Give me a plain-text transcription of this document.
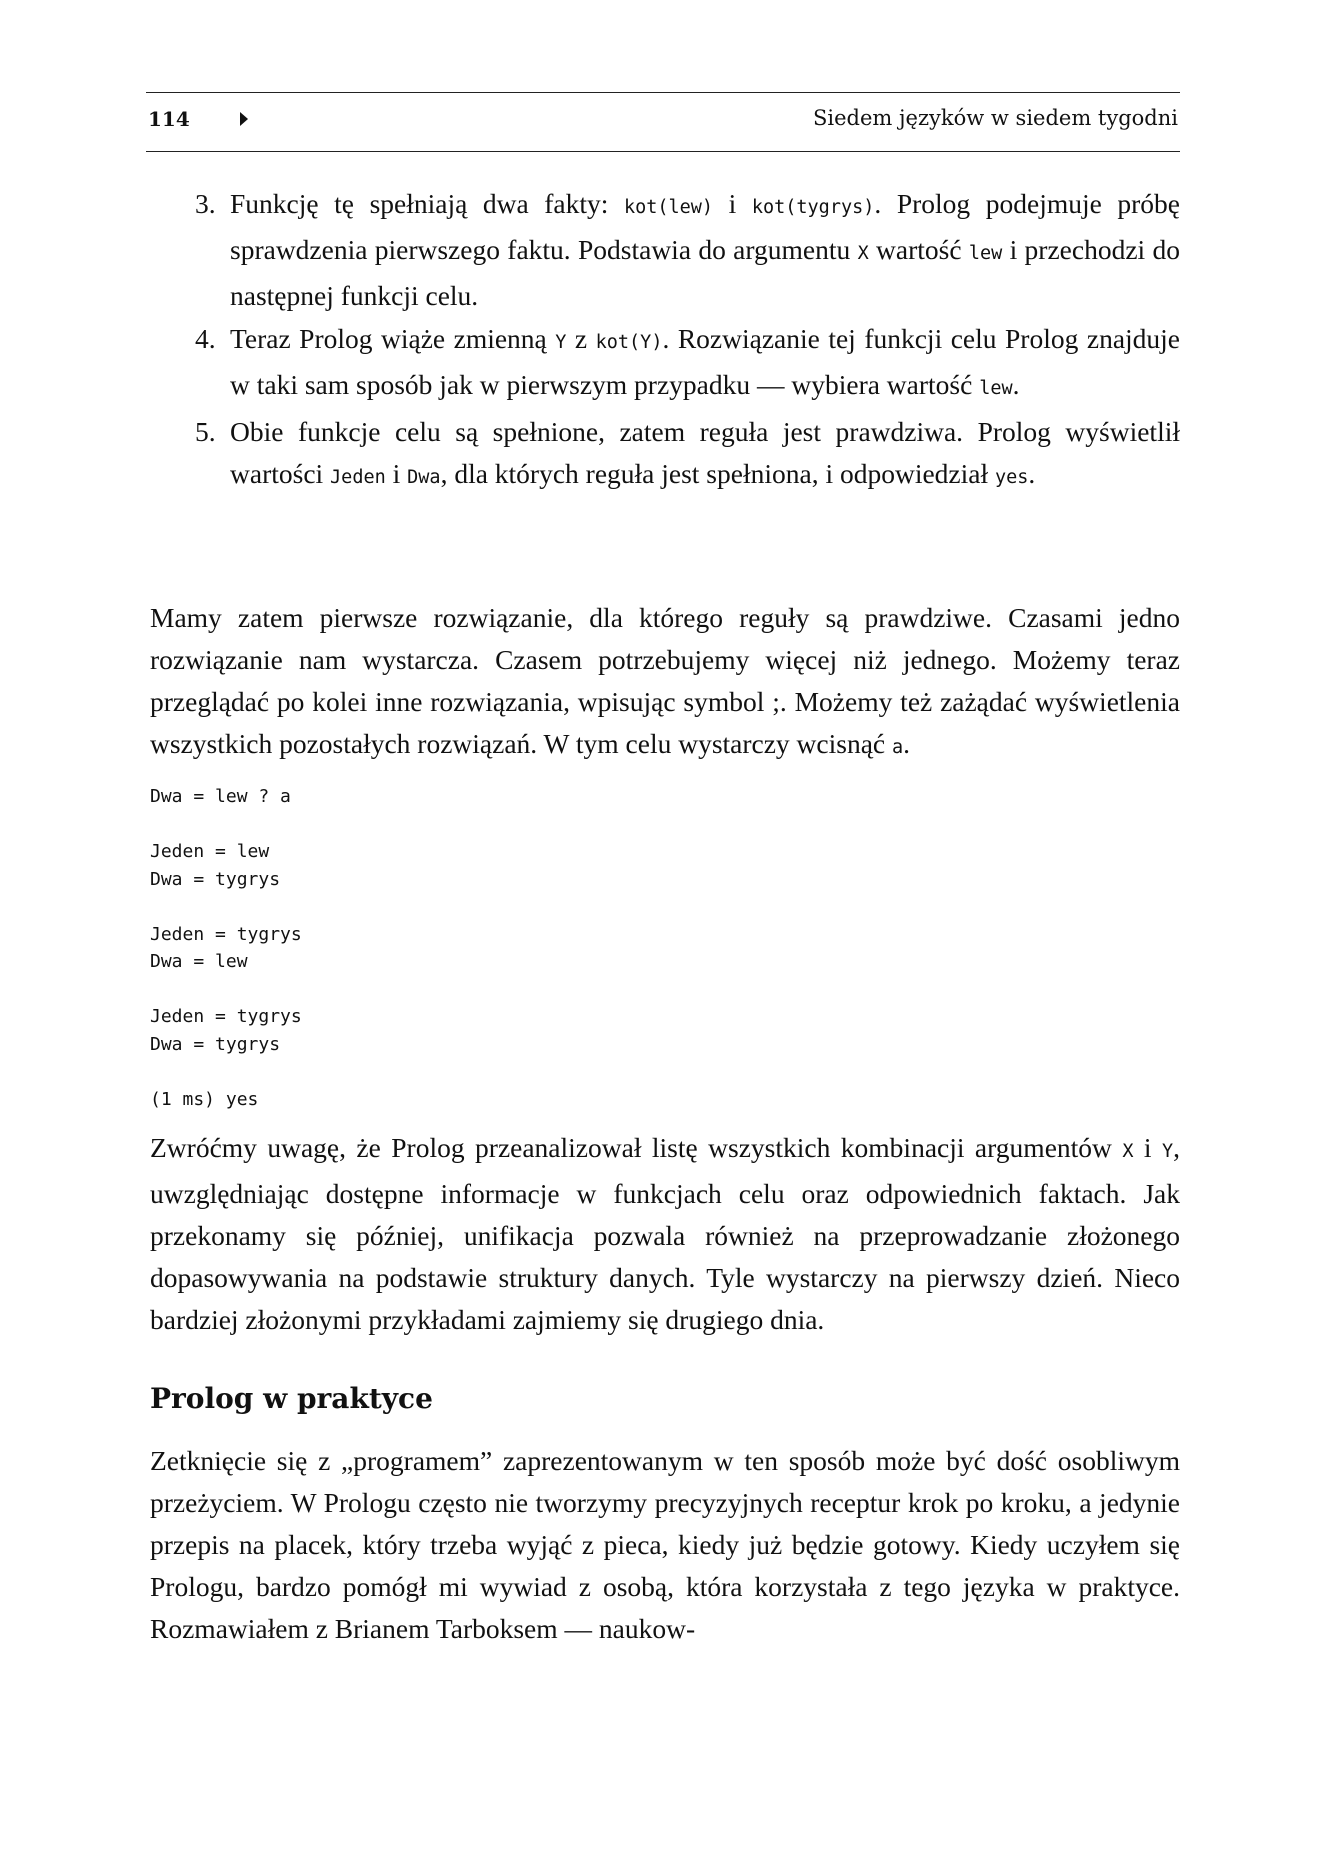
114	Siedem języków w siedem tygodni
3. Funkcję tę spełniają dwa fakty: kot(lew) i kot(tygrys). Prolog podejmuje próbę sprawdzenia pierwszego faktu. Podstawia do argumentu X wartość lew i przechodzi do następnej funkcji celu.
4. Teraz Prolog wiąże zmienną Y z kot(Y). Rozwiązanie tej funkcji celu Prolog znajduje w taki sam sposób jak w pierwszym przypadku — wybiera wartość lew.
5. Obie funkcje celu są spełnione, zatem reguła jest prawdziwa. Prolog wyświetlił wartości Jeden i Dwa, dla których reguła jest spełniona, i odpowiedział yes.

Mamy zatem pierwsze rozwiązanie, dla którego reguły są prawdziwe. Czasami jedno rozwiązanie nam wystarcza. Czasem potrzebujemy więcej niż jednego. Możemy teraz przeglądać po kolei inne rozwiązania, wpisując symbol ;. Możemy też zażądać wyświetlenia wszystkich pozostałych rozwiązań. W tym celu wystarczy wcisnąć a.

Dwa = lew ? a

Jeden = lew
Dwa = tygrys

Jeden = tygrys
Dwa = lew

Jeden = tygrys
Dwa = tygrys

(1 ms) yes

Zwróćmy uwagę, że Prolog przeanalizował listę wszystkich kombinacji argumentów X i Y, uwzględniając dostępne informacje w funkcjach celu oraz odpowiednich faktach. Jak przekonamy się później, unifikacja pozwala również na przeprowadzanie złożonego dopasowywania na podstawie struktury danych. Tyle wystarczy na pierwszy dzień. Nieco bardziej złożonymi przykładami zajmiemy się drugiego dnia.

Prolog w praktyce

Zetknięcie się z „programem” zaprezentowanym w ten sposób może być dość osobliwym przeżyciem. W Prologu często nie tworzymy precyzyjnych receptur krok po kroku, a jedynie przepis na placek, który trzeba wyjąć z pieca, kiedy już będzie gotowy. Kiedy uczyłem się Prologu, bardzo pomógł mi wywiad z osobą, która korzystała z tego języka w praktyce. Rozmawiałem z Brianem Tarboksem — naukow-
